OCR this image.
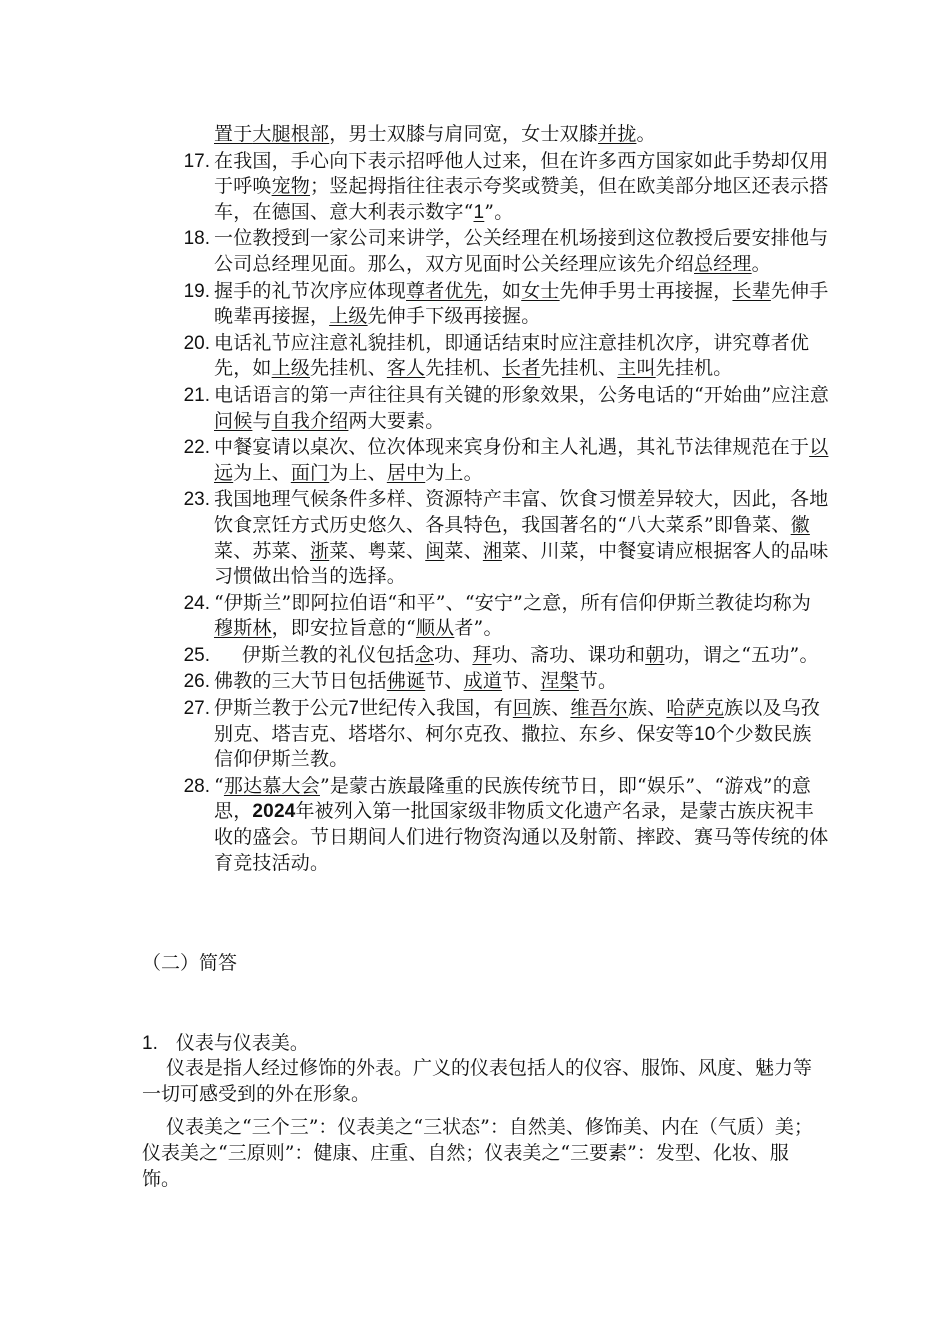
置于大腿根部，男士双膝与肩同宽，女士双膝并拢。
17. 在我国，手心向下表示招呼他人过来，但在许多西方国家如此手势却仅用于呼唤宠物；竖起拇指往往表示夸奖或赞美，但在欧美部分地区还表示搭车，在德国、意大利表示数字“1”。
18. 一位教授到一家公司来讲学，公关经理在机场接到这位教授后要安排他与公司总经理见面。那么，双方见面时公关经理应该先介绍总经理。
19. 握手的礼节次序应体现尊者优先，如女士先伸手男士再接握，长辈先伸手晚辈再接握，上级先伸手下级再接握。
20. 电话礼节应注意礼貌挂机，即通话结束时应注意挂机次序，讲究尊者优先，如上级先挂机、客人先挂机、长者先挂机、主叫先挂机。
21. 电话语言的第一声往往具有关键的形象效果，公务电话的“开始曲”应注意问候与自我介绍两大要素。
22. 中餐宴请以桌次、位次体现来宾身份和主人礼遇，其礼节法律规范在于以远为上、面门为上、居中为上。
23. 我国地理气候条件多样、资源特产丰富、饮食习惯差异较大，因此，各地饮食烹饪方式历史悠久、各具特色，我国著名的“八大菜系”即鲁菜、徽菜、苏菜、浙菜、粤菜、闽菜、湘菜、川菜，中餐宴请应根据客人的品味习惯做出恰当的选择。
24. “伊斯兰”即阿拉伯语“和平”、“安宁”之意，所有信仰伊斯兰教徒均称为穆斯林，即安拉旨意的“顺从者”。
25.	伊斯兰教的礼仪包括念功、拜功、斋功、课功和朝功，谓之“五功”。
26. 佛教的三大节日包括佛诞节、成道节、涅槃节。
27. 伊斯兰教于公元7世纪传入我国，有回族、维吾尔族、哈萨克族以及乌孜别克、塔吉克、塔塔尔、柯尔克孜、撒拉、东乡、保安等10个少数民族信仰伊斯兰教。
28. “那达慕大会”是蒙古族最隆重的民族传统节日，即“娱乐”、“游戏”的意思，2024年被列入第一批国家级非物质文化遗产名录，是蒙古族庆祝丰收的盛会。节日期间人们进行物资沟通以及射箭、摔跤、赛马等传统的体育竞技活动。
（二）简答
1. 仪表与仪表美。
仪表是指人经过修饰的外表。广义的仪表包括人的仪容、服饰、风度、魅力等一切可感受到的外在形象。
仪表美之“三个三”：仪表美之“三状态”：自然美、修饰美、内在（气质）美；仪表美之“三原则”：健康、庄重、自然；仪表美之“三要素”：发型、化妆、服饰。
